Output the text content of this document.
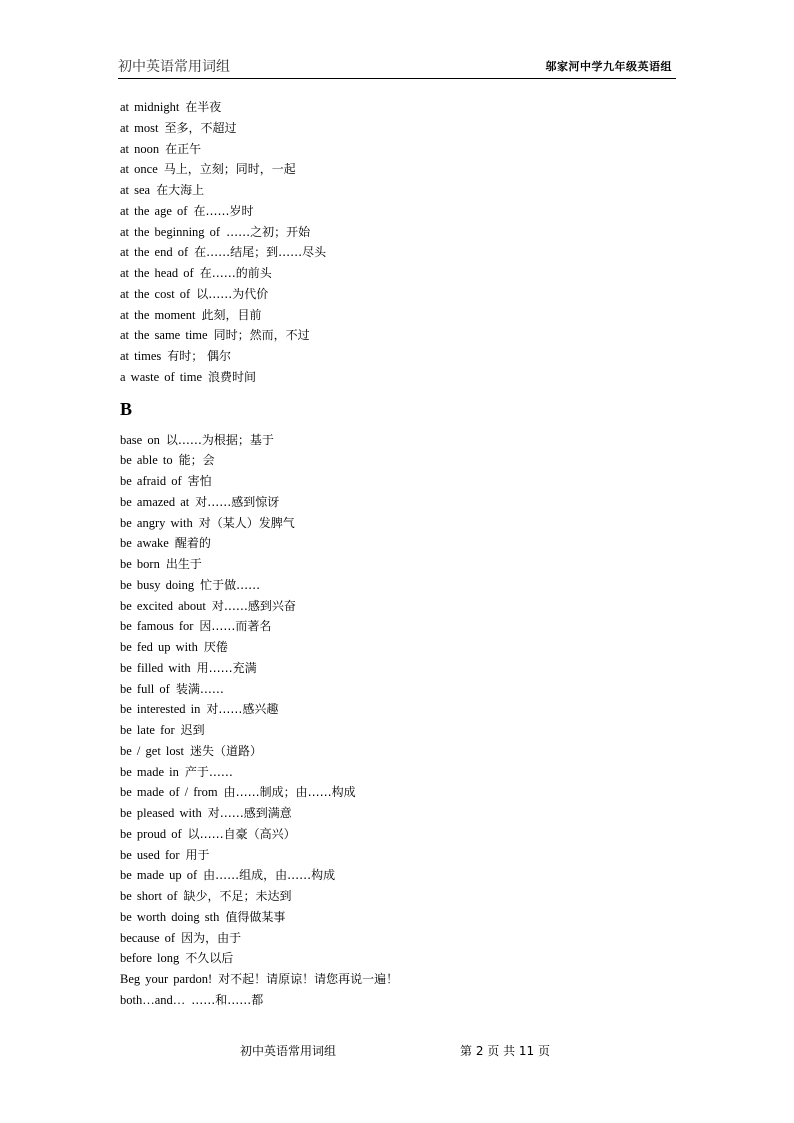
初中英语常用词组	邬家河中学九年级英语组
at midnight 在半夜
at most 至多，不超过
at noon 在正午
at once 马上，立刻；同时，一起
at sea 在大海上
at the age of 在……岁时
at the beginning of ……之初；开始
at the end of 在……结尾；到……尽头
at the head of 在……的前头
at the cost of 以……为代价
at the moment 此刻，目前
at the same time 同时；然而，不过
at times 有时； 偶尔
a waste of time 浪费时间
B
base on 以……为根据；基于
be able to 能；会
be afraid of 害怕
be amazed at 对……感到惊讶
be angry with 对（某人）发脾气
be awake 醒着的
be born 出生于
be busy doing 忙于做……
be excited about 对……感到兴奋
be famous for 因……而著名
be fed up with 厌倦
be filled with 用……充满
be full of 装满……
be interested in 对……感兴趣
be late for 迟到
be / get lost 迷失（道路）
be made in 产于……
be made of / from 由……制成；由……构成
be pleased with 对……感到满意
be proud of 以……自豪（高兴）
be used for 用于
be made up of 由……组成，由……构成
be short of 缺少，不足；未达到
be worth doing sth 值得做某事
because of 因为，由于
before long 不久以后
Beg your pardon! 对不起！请原谅！请您再说一遍！
both…and… ……和……都
初中英语常用词组	第 2 页 共 11 页
